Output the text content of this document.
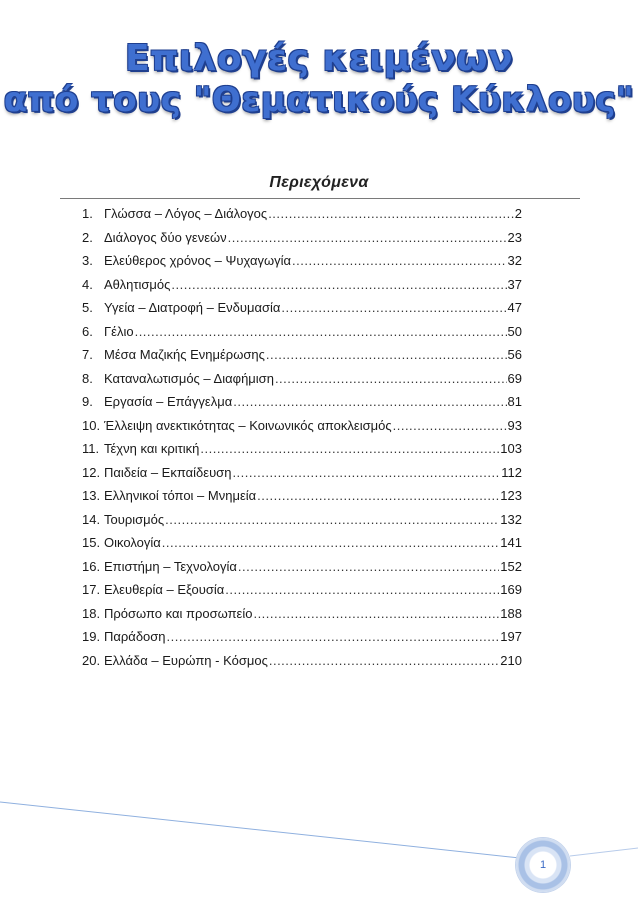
Επιλογές κειμένων
από τους "Θεματικούς Κύκλους"
Περιεχόμενα
1. Γλώσσα – Λόγος – Διάλογος .....	2
2. Διάλογος δύο γενεών .....	23
3. Ελεύθερος χρόνος – Ψυχαγωγία .....	32
4. Αθλητισμός .....	37
5. Υγεία – Διατροφή – Ενδυμασία .....	47
6. Γέλιο .....	50
7. Μέσα Μαζικής Ενημέρωσης .....	56
8. Καταναλωτισμός – Διαφήμιση .....	69
9. Εργασία – Επάγγελμα .....	81
10. Έλλειψη ανεκτικότητας – Κοινωνικός αποκλεισμός .....	93
11. Τέχνη και κριτική .....	103
12. Παιδεία – Εκπαίδευση .....	112
13. Ελληνικοί τόποι – Μνημεία .....	123
14. Τουρισμός .....	132
15. Οικολογία .....	141
16. Επιστήμη – Τεχνολογία .....	152
17. Ελευθερία – Εξουσία .....	169
18. Πρόσωπο και προσωπείο .....	188
19. Παράδοση .....	197
20. Ελλάδα – Ευρώπη - Κόσμος .....	210
1
